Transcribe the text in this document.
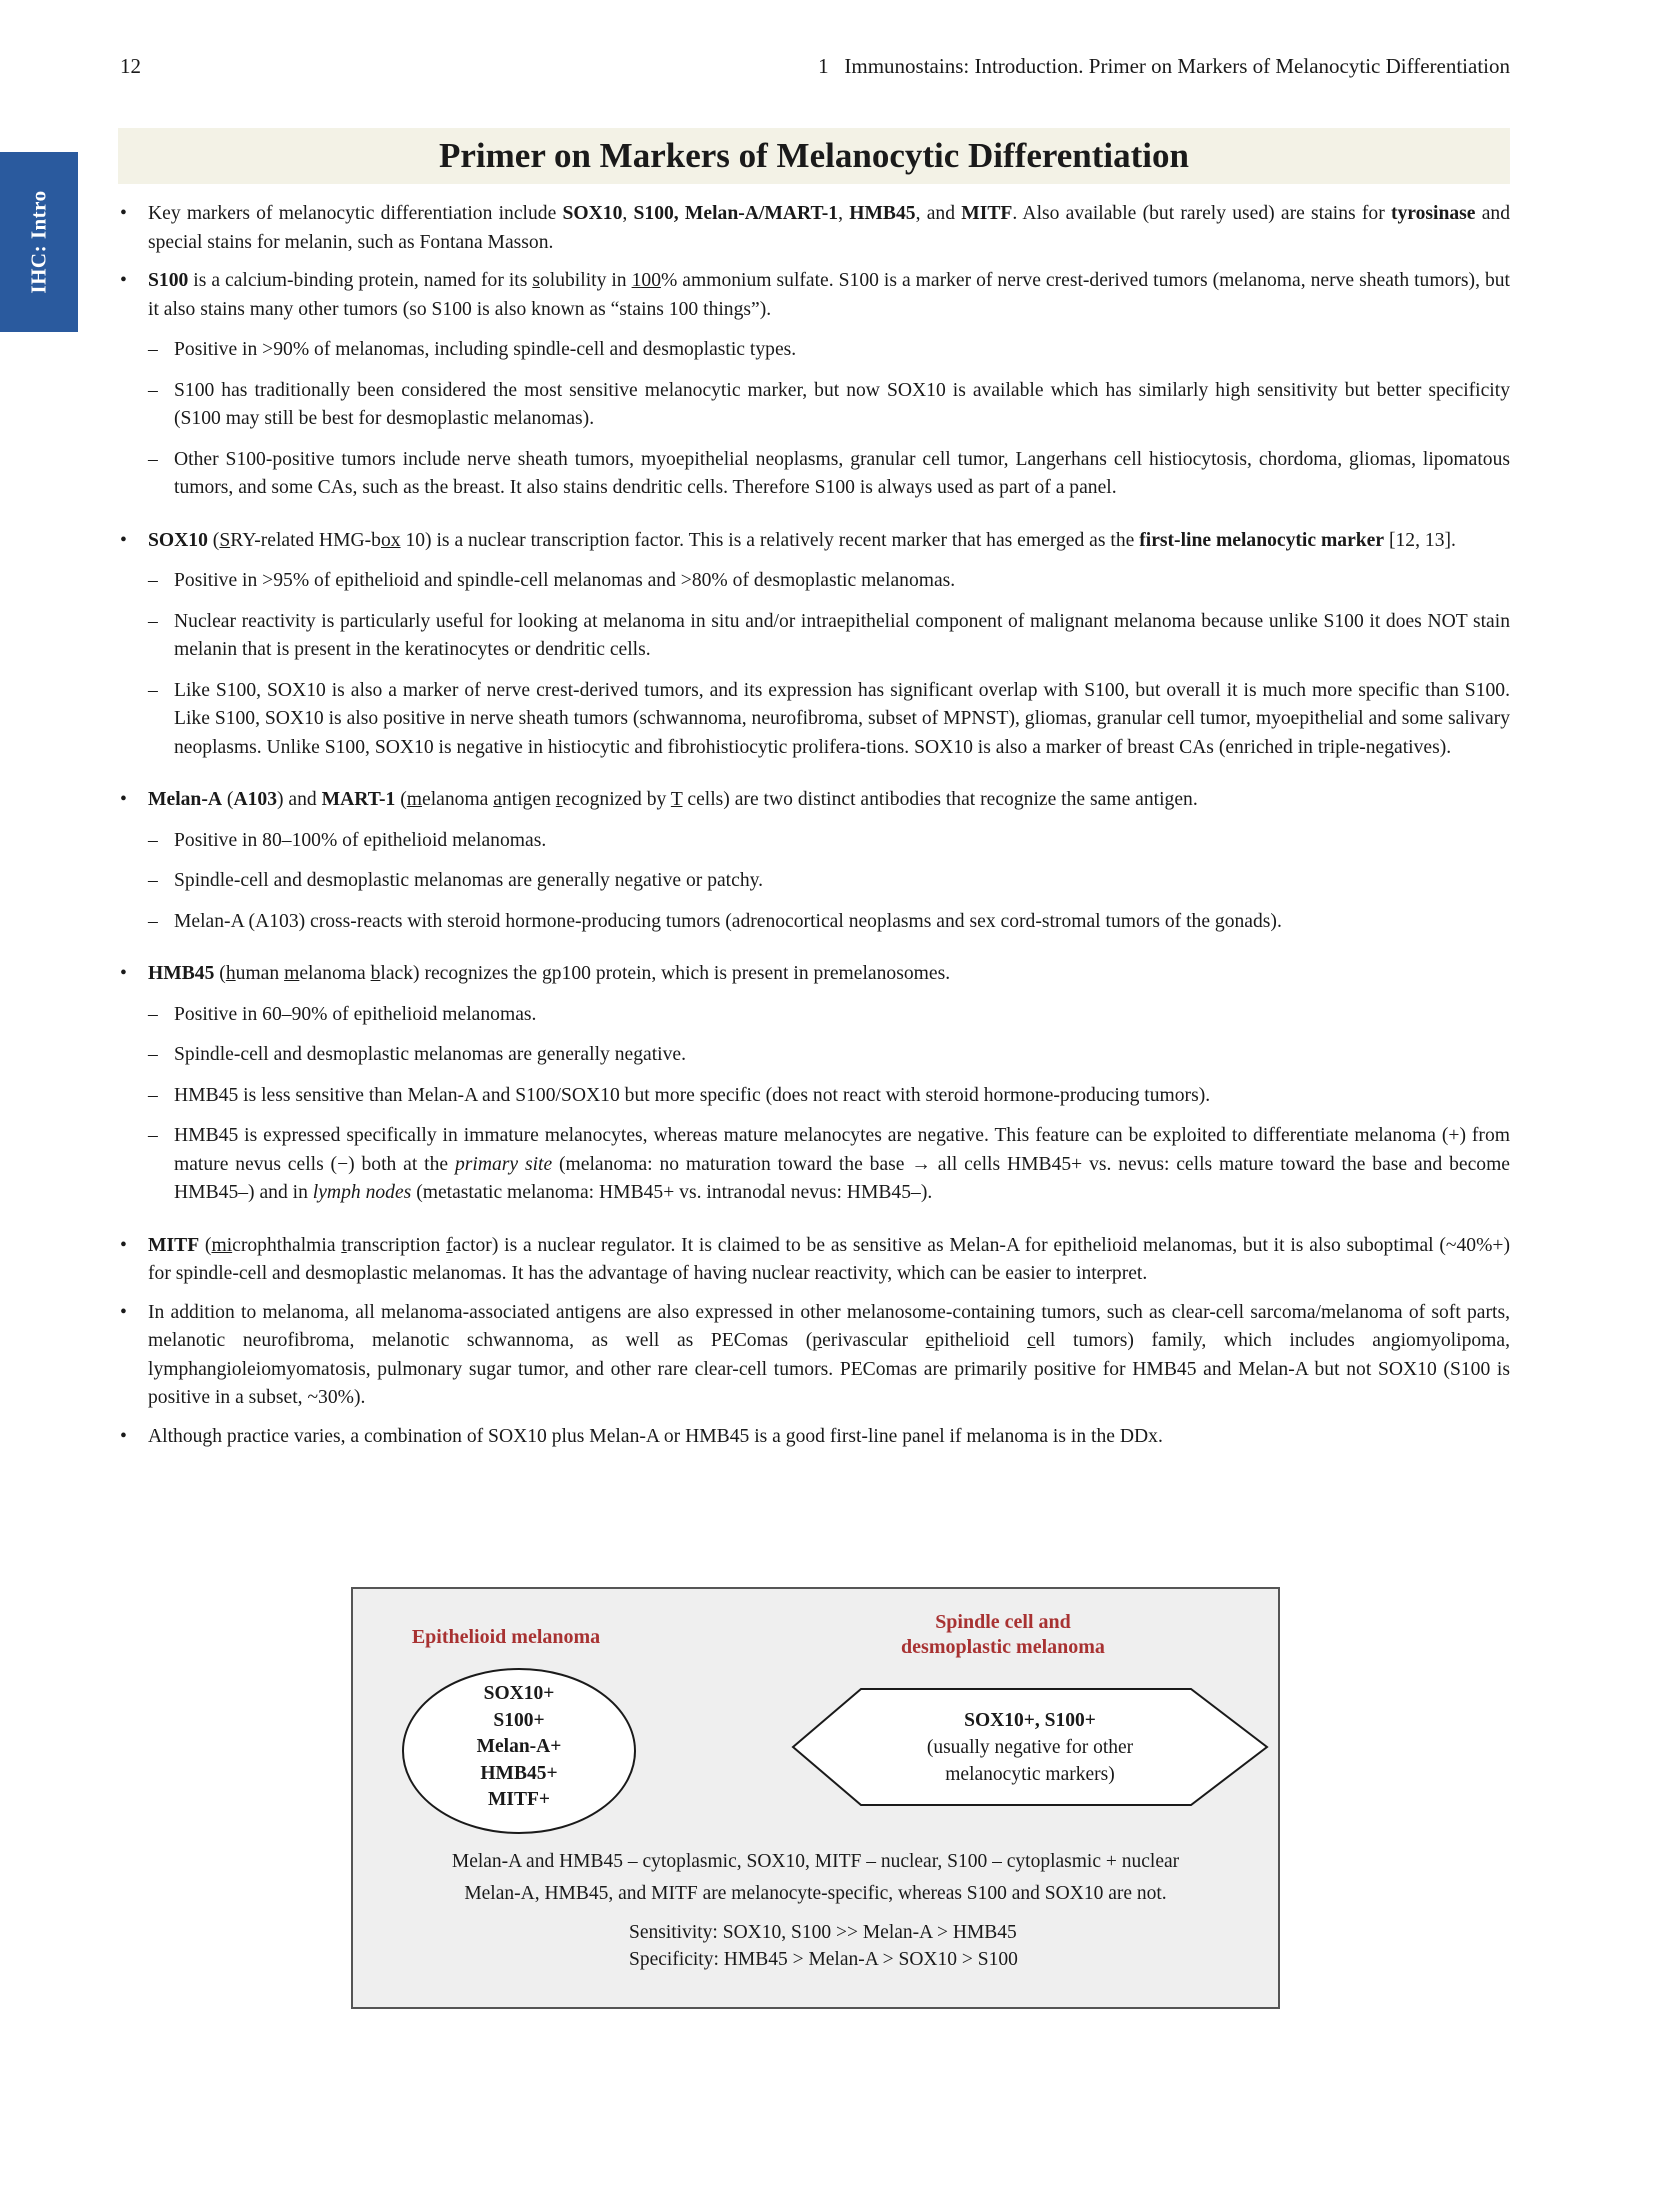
12	1   Immunostains: Introduction. Primer on Markers of Melanocytic Differentiation
IHC: Intro
Primer on Markers of Melanocytic Differentiation
• Key markers of melanocytic differentiation include SOX10, S100, Melan-A/MART-1, HMB45, and MITF. Also available (but rarely used) are stains for tyrosinase and special stains for melanin, such as Fontana Masson.
• S100 is a calcium-binding protein, named for its solubility in 100% ammonium sulfate. S100 is a marker of nerve crest-derived tumors (melanoma, nerve sheath tumors), but it also stains many other tumors (so S100 is also known as “stains 100 things”).
– Positive in >90% of melanomas, including spindle-cell and desmoplastic types.
– S100 has traditionally been considered the most sensitive melanocytic marker, but now SOX10 is available which has similarly high sensitivity but better specificity (S100 may still be best for desmoplastic melanomas).
– Other S100-positive tumors include nerve sheath tumors, myoepithelial neoplasms, granular cell tumor, Langerhans cell histiocytosis, chordoma, gliomas, lipomatous tumors, and some CAs, such as the breast. It also stains dendritic cells. Therefore S100 is always used as part of a panel.
• SOX10 (SRY-related HMG-box 10) is a nuclear transcription factor. This is a relatively recent marker that has emerged as the first-line melanocytic marker [12, 13].
– Positive in >95% of epithelioid and spindle-cell melanomas and >80% of desmoplastic melanomas.
– Nuclear reactivity is particularly useful for looking at melanoma in situ and/or intraepithelial component of malignant melanoma because unlike S100 it does NOT stain melanin that is present in the keratinocytes or dendritic cells.
– Like S100, SOX10 is also a marker of nerve crest-derived tumors, and its expression has significant overlap with S100, but overall it is much more specific than S100. Like S100, SOX10 is also positive in nerve sheath tumors (schwannoma, neurofibroma, subset of MPNST), gliomas, granular cell tumor, myoepithelial and some salivary neoplasms. Unlike S100, SOX10 is negative in histiocytic and fibrohistiocytic prolifera-tions. SOX10 is also a marker of breast CAs (enriched in triple-negatives).
• Melan-A (A103) and MART-1 (melanoma antigen recognized by T cells) are two distinct antibodies that recognize the same antigen.
– Positive in 80–100% of epithelioid melanomas.
– Spindle-cell and desmoplastic melanomas are generally negative or patchy.
– Melan-A (A103) cross-reacts with steroid hormone-producing tumors (adrenocortical neoplasms and sex cord-stromal tumors of the gonads).
• HMB45 (human melanoma black) recognizes the gp100 protein, which is present in premelanosomes.
– Positive in 60–90% of epithelioid melanomas.
– Spindle-cell and desmoplastic melanomas are generally negative.
– HMB45 is less sensitive than Melan-A and S100/SOX10 but more specific (does not react with steroid hormone-producing tumors).
– HMB45 is expressed specifically in immature melanocytes, whereas mature melanocytes are negative. This feature can be exploited to differentiate melanoma (+) from mature nevus cells (−) both at the primary site (melanoma: no maturation toward the base → all cells HMB45+ vs. nevus: cells mature toward the base and become HMB45–) and in lymph nodes (metastatic melanoma: HMB45+ vs. intranodal nevus: HMB45–).
• MITF (microphthalmia transcription factor) is a nuclear regulator. It is claimed to be as sensitive as Melan-A for epithelioid melanomas, but it is also suboptimal (~40%+) for spindle-cell and desmoplastic melanomas. It has the advantage of having nuclear reactivity, which can be easier to interpret.
• In addition to melanoma, all melanoma-associated antigens are also expressed in other melanosome-containing tumors, such as clear-cell sarcoma/melanoma of soft parts, melanotic neurofibroma, melanotic schwannoma, as well as PEComas (perivascular epithelioid cell tumors) family, which includes angiomyolipoma, lymphangioleiomyomatosis, pulmonary sugar tumor, and other rare clear-cell tumors. PEComas are primarily positive for HMB45 and Melan-A but not SOX10 (S100 is positive in a subset, ~30%).
• Although practice varies, a combination of SOX10 plus Melan-A or HMB45 is a good first-line panel if melanoma is in the DDx.
Epithelioid melanoma
Spindle cell and
desmoplastic melanoma
SOX10+
S100+
Melan-A+
HMB45+
MITF+
SOX10+, S100+
(usually negative for other
melanocytic markers)
Melan-A and HMB45 – cytoplasmic, SOX10, MITF – nuclear, S100 – cytoplasmic + nuclear
Melan-A, HMB45, and MITF are melanocyte-specific, whereas S100 and SOX10 are not.
Sensitivity: SOX10, S100 >> Melan-A > HMB45
Specificity: HMB45 > Melan-A > SOX10 > S100
